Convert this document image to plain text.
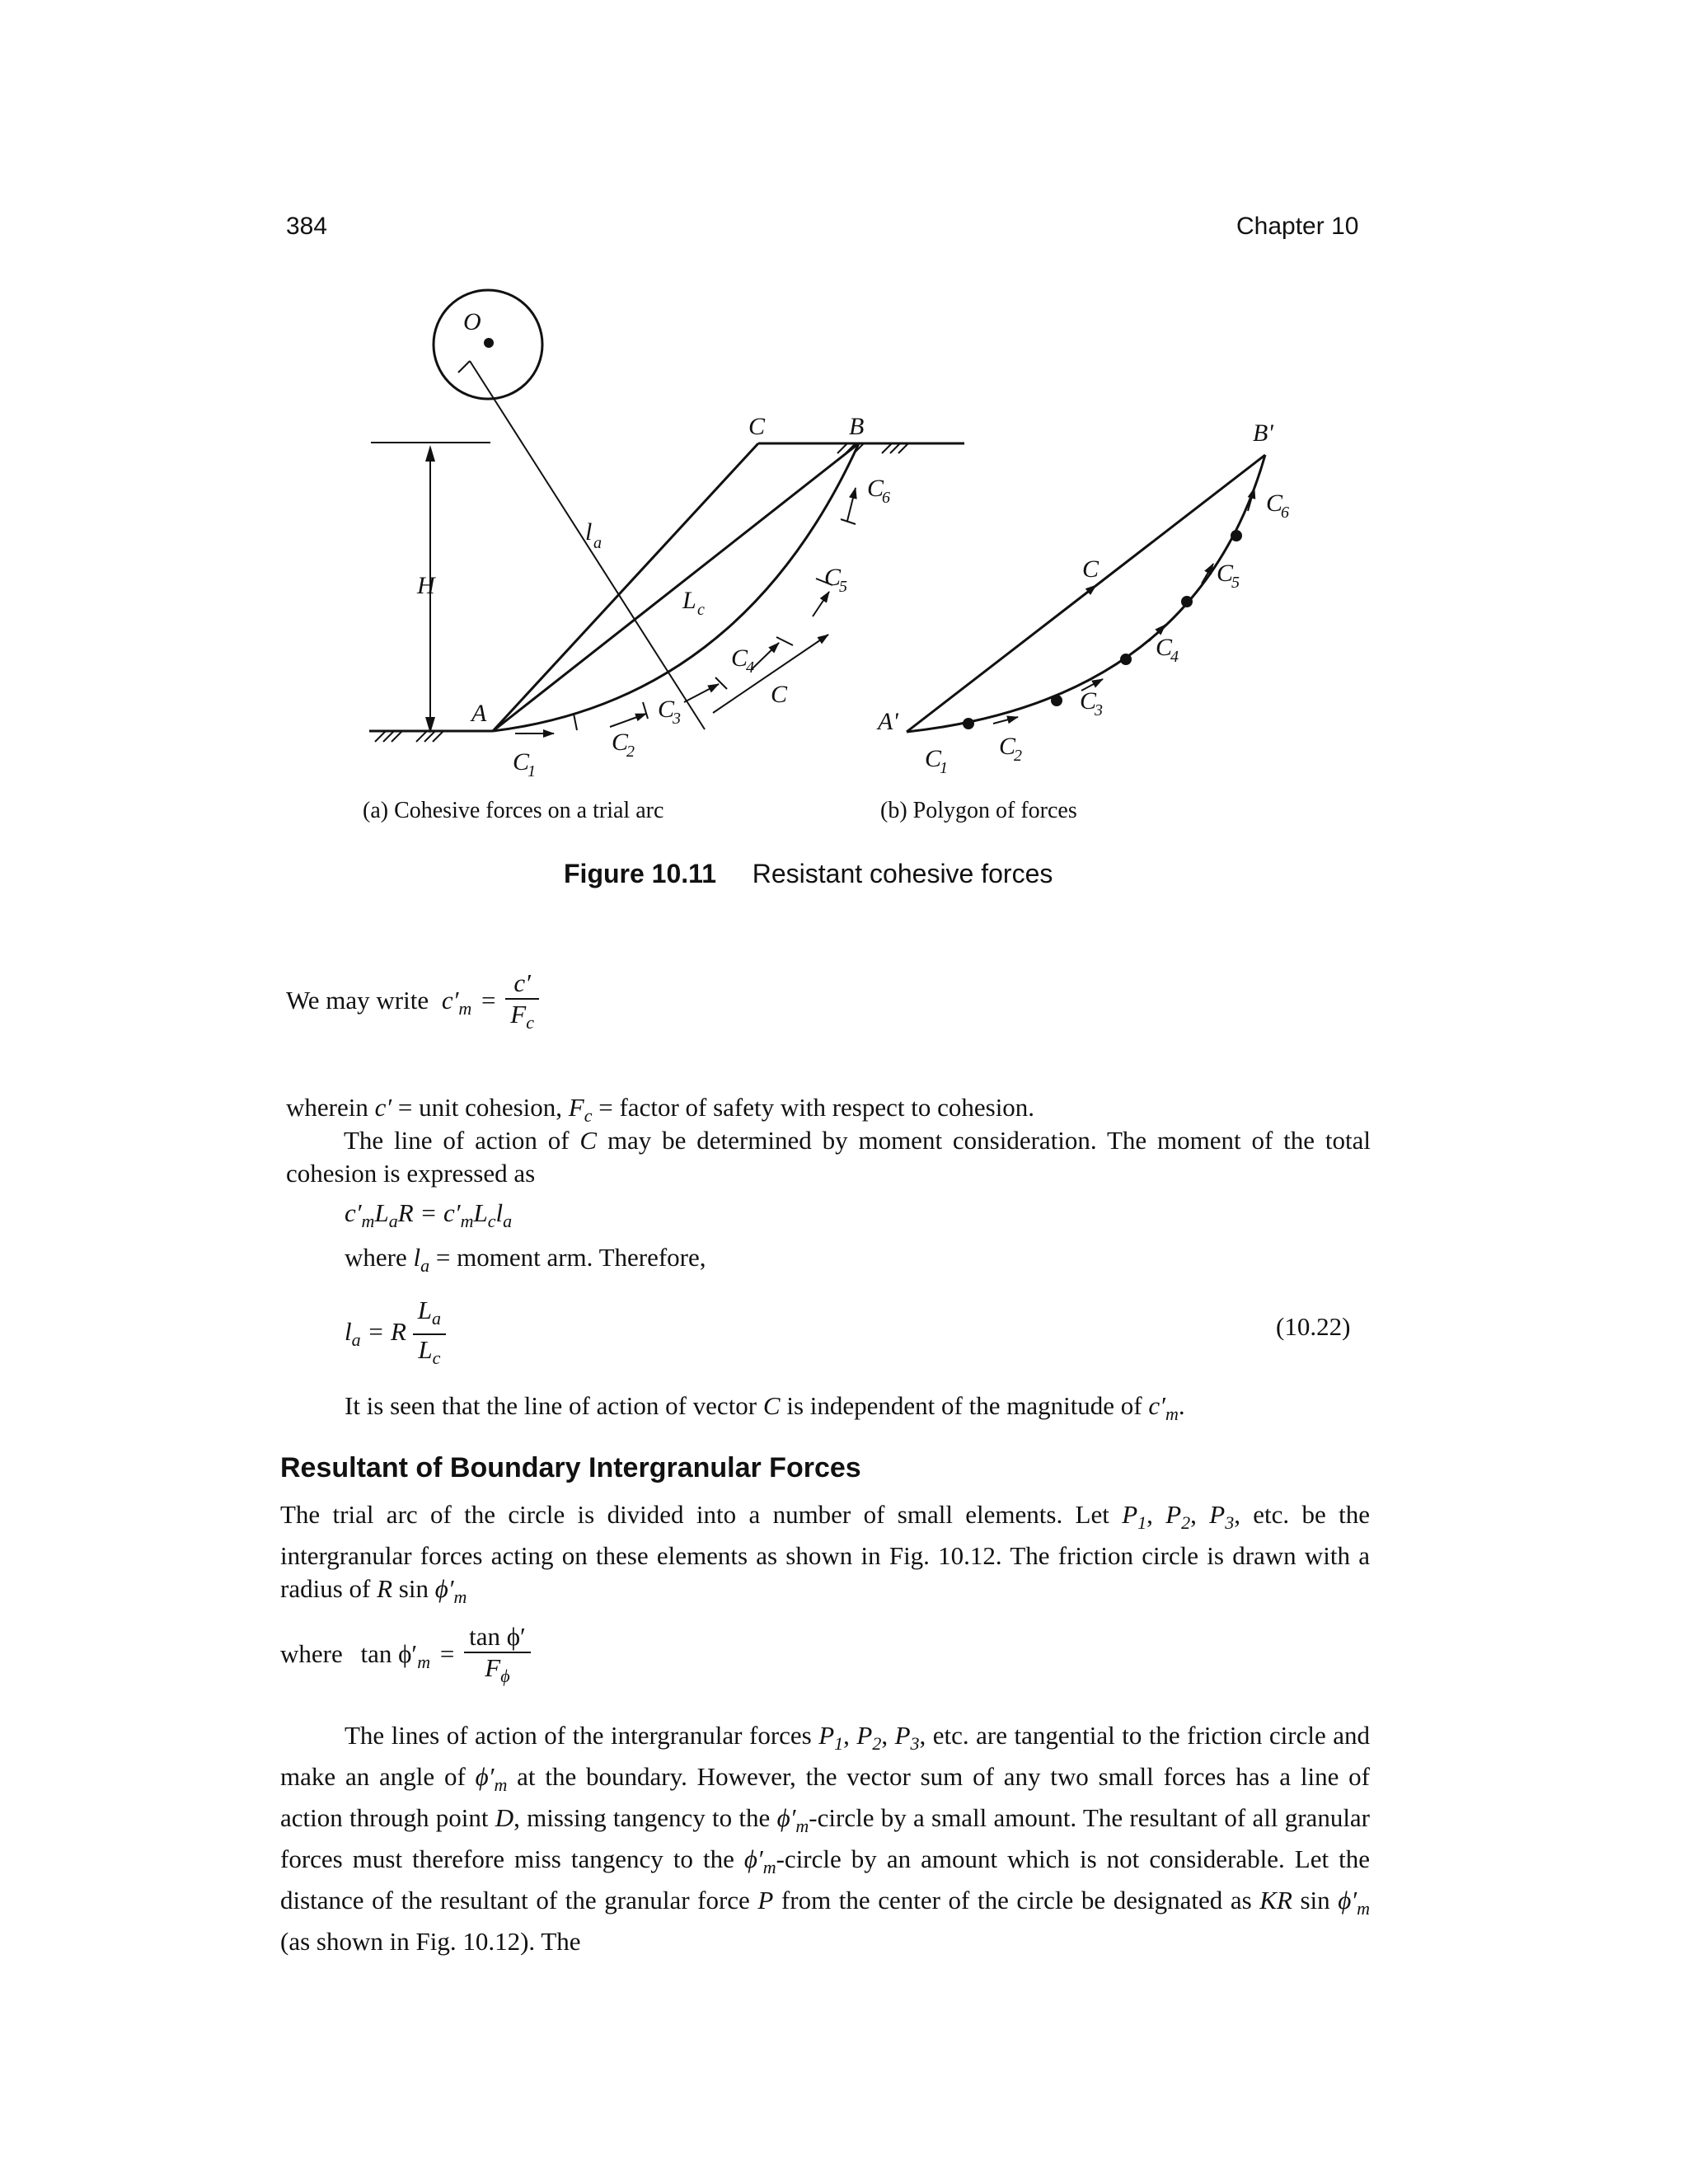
384	Chapter 10
O
l a
H
C	B
A
L c
C
C
1
C
2
C
3
C
4
C
5
C
6
B'
A'
C
C
1
C
2
C
3
C
4
C
5
C
6
(a) Cohesive forces on a trial arc	(b) Polygon of forces
Figure 10.11 Resistant cohesive forces
We may write $c'_m = \frac{c'}{F_c}$
wherein c′ = unit cohesion, $F_c$ = factor of safety with respect to cohesion.
The line of action of C may be determined by moment consideration. The moment of the total cohesion is expressed as
$c'_mL_aR = c'_mL_cl_a$
where $l_a$ = moment arm. Therefore,
$l_a = R \frac{L_a}{L_c}$	(10.22)
It is seen that the line of action of vector C is independent of the magnitude of $c'_m$.
Resultant of Boundary Intergranular Forces
The trial arc of the circle is divided into a number of small elements. Let $P_1$, $P_2$, $P_3$, etc. be the intergranular forces acting on these elements as shown in Fig. 10.12. The friction circle is drawn with a radius of R $\sin \phi'_m$
where $\tan \phi'_m = \frac{\text{tan ϕ′}}{F_\phi}$
The lines of action of the intergranular forces $P_1$, $P_2$, $P_3$, etc. are tangential to the friction circle and make an angle of $\phi'_m$ at the boundary. However, the vector sum of any two small forces has a line of action through point D, missing tangency to the $\phi'_m$-circle by a small amount. The resultant of all granular forces must therefore miss tangency to the $\phi'_m$-circle by an amount which is not considerable. Let the distance of the resultant of the granular force P from the center of the circle be designated as KR $\sin \phi'_m$ (as shown in Fig. 10.12). The
